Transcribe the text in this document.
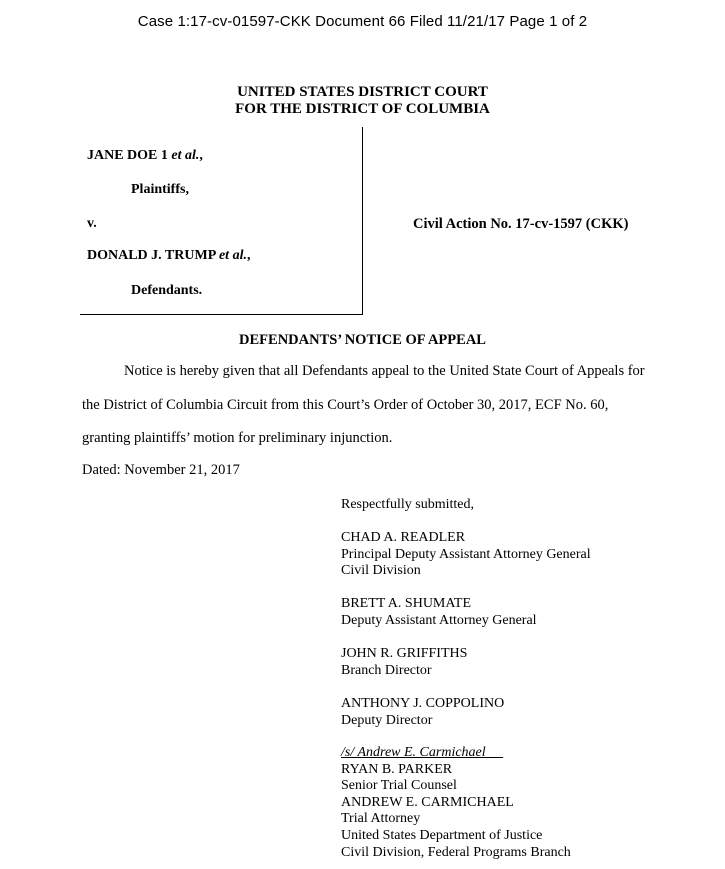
Case 1:17-cv-01597-CKK Document 66 Filed 11/21/17 Page 1 of 2
UNITED STATES DISTRICT COURT
FOR THE DISTRICT OF COLUMBIA
JANE DOE 1 et al.,
Plaintiffs,
v.
DONALD J. TRUMP et al.,
Defendants.
Civil Action No. 17-cv-1597 (CKK)
DEFENDANTS’ NOTICE OF APPEAL
Notice is hereby given that all Defendants appeal to the United State Court of Appeals for
the District of Columbia Circuit from this Court’s Order of October 30, 2017, ECF No. 60,
granting plaintiffs’ motion for preliminary injunction.
Dated: November 21, 2017
Respectfully submitted,
CHAD A. READLER
Principal Deputy Assistant Attorney General
Civil Division
BRETT A. SHUMATE
Deputy Assistant Attorney General
JOHN R. GRIFFITHS
Branch Director
ANTHONY J. COPPOLINO
Deputy Director
/s/ Andrew E. Carmichael
RYAN B. PARKER
Senior Trial Counsel
ANDREW E. CARMICHAEL
Trial Attorney
United States Department of Justice
Civil Division, Federal Programs Branch
